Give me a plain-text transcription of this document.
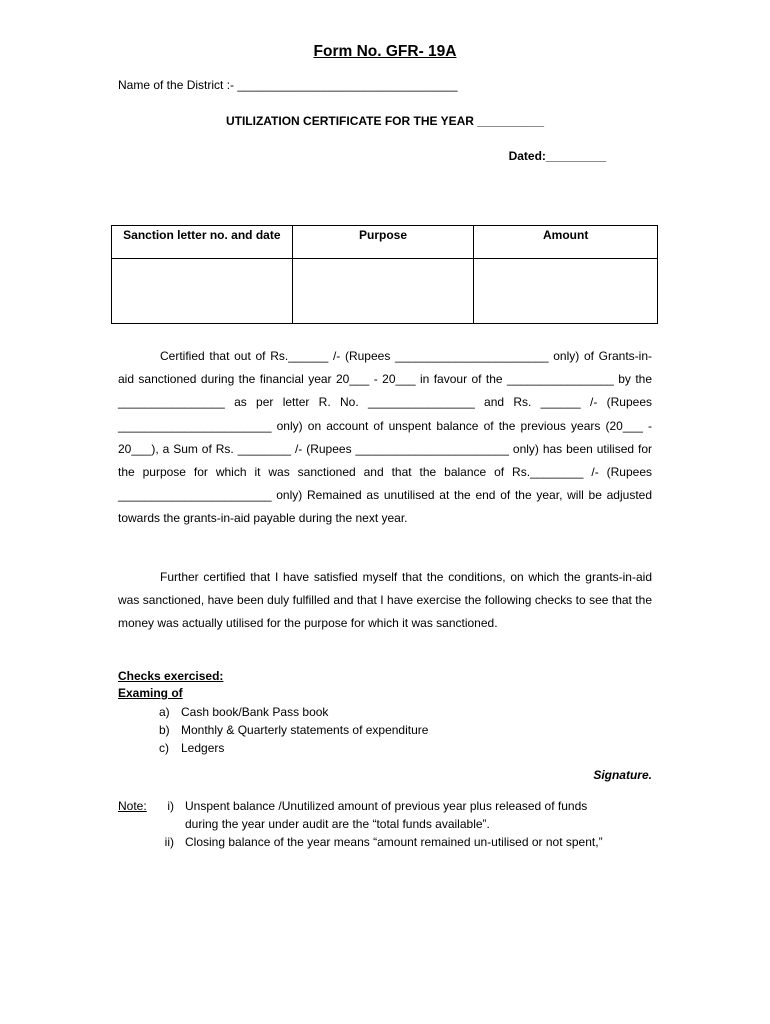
Form No. GFR- 19A
Name of the District :- _________________________________
UTILIZATION CERTIFICATE FOR THE YEAR __________
Dated:_________
Sanction letter no. and date	Purpose	Amount

Certified that out of Rs.______ /- (Rupees _______________________ only) of Grants-in-aid sanctioned during the financial year 20___ - 20___ in favour of the ________________ by the ________________ as per letter R. No. ________________ and Rs. ______ /- (Rupees _______________________ only) on account of unspent balance of the previous years (20___ - 20___), a Sum of Rs. ________ /- (Rupees _______________________ only) has been utilised for the purpose for which it was sanctioned and that the balance of Rs.________ /- (Rupees _______________________ only) Remained as unutilised at the end of the year, will be adjusted towards the grants-in-aid payable during the next year.

Further certified that I have satisfied myself that the conditions, on which the grants-in-aid was sanctioned, have been duly fulfilled and that I have exercise the following checks to see that the money was actually utilised for the purpose for which it was sanctioned.

Checks exercised:
Examing of
a) Cash book/Bank Pass book
b) Monthly & Quarterly statements of expenditure
c)	Ledgers
Signature.
Note:	i) Unspent balance /Unutilized amount of previous year plus released of funds
during the year under audit are the “total funds available”.
ii) Closing balance of the year means “amount remained un-utilised or not spent,”
